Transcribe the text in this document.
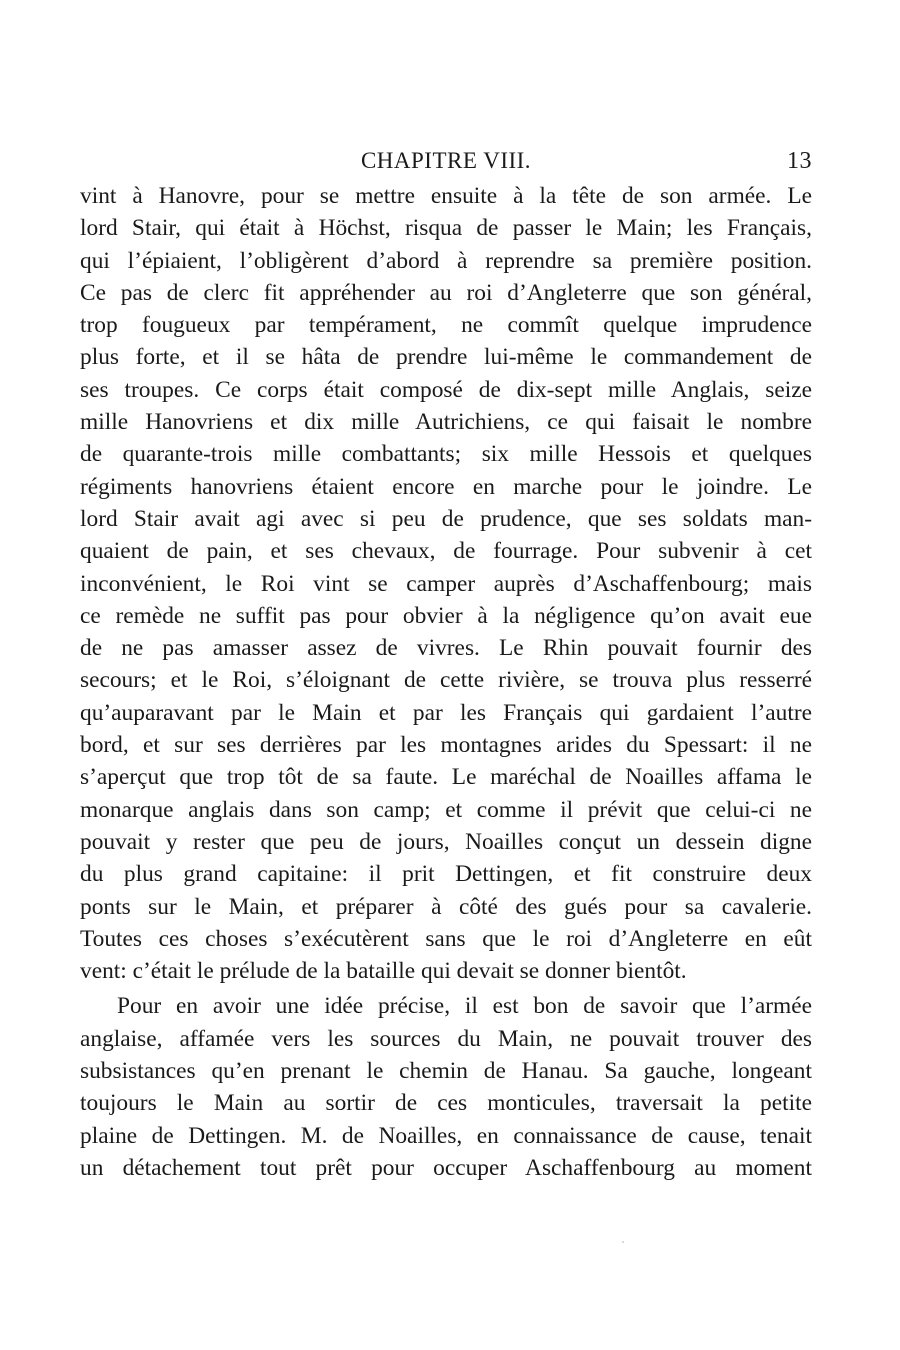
CHAPITRE VIII.	13
vint à Hanovre, pour se mettre ensuite à la tête de son armée. Le
lord Stair, qui était à Höchst, risqua de passer le Main; les Français,
qui l’épiaient, l’obligèrent d’abord à reprendre sa première position.
Ce pas de clerc fit appréhender au roi d’Angleterre que son général,
trop fougueux par tempérament, ne commît quelque imprudence
plus forte, et il se hâta de prendre lui-même le commandement de
ses troupes. Ce corps était composé de dix-sept mille Anglais, seize
mille Hanovriens et dix mille Autrichiens, ce qui faisait le nombre
de quarante-trois mille combattants; six mille Hessois et quelques
régiments hanovriens étaient encore en marche pour le joindre. Le
lord Stair avait agi avec si peu de prudence, que ses soldats man-
quaient de pain, et ses chevaux, de fourrage. Pour subvenir à cet
inconvénient, le Roi vint se camper auprès d’Aschaffenbourg; mais
ce remède ne suffit pas pour obvier à la négligence qu’on avait eue
de ne pas amasser assez de vivres. Le Rhin pouvait fournir des
secours; et le Roi, s’éloignant de cette rivière, se trouva plus resserré
qu’auparavant par le Main et par les Français qui gardaient l’autre
bord, et sur ses derrières par les montagnes arides du Spessart: il ne
s’aperçut que trop tôt de sa faute. Le maréchal de Noailles affama le
monarque anglais dans son camp; et comme il prévit que celui-ci ne
pouvait y rester que peu de jours, Noailles conçut un dessein digne
du plus grand capitaine: il prit Dettingen, et fit construire deux
ponts sur le Main, et préparer à côté des gués pour sa cavalerie.
Toutes ces choses s’exécutèrent sans que le roi d’Angleterre en eût
vent: c’était le prélude de la bataille qui devait se donner bientôt.
Pour en avoir une idée précise, il est bon de savoir que l’armée
anglaise, affamée vers les sources du Main, ne pouvait trouver des
subsistances qu’en prenant le chemin de Hanau. Sa gauche, longeant
toujours le Main au sortir de ces monticules, traversait la petite
plaine de Dettingen. M. de Noailles, en connaissance de cause, tenait
un détachement tout prêt pour occuper Aschaffenbourg au moment
